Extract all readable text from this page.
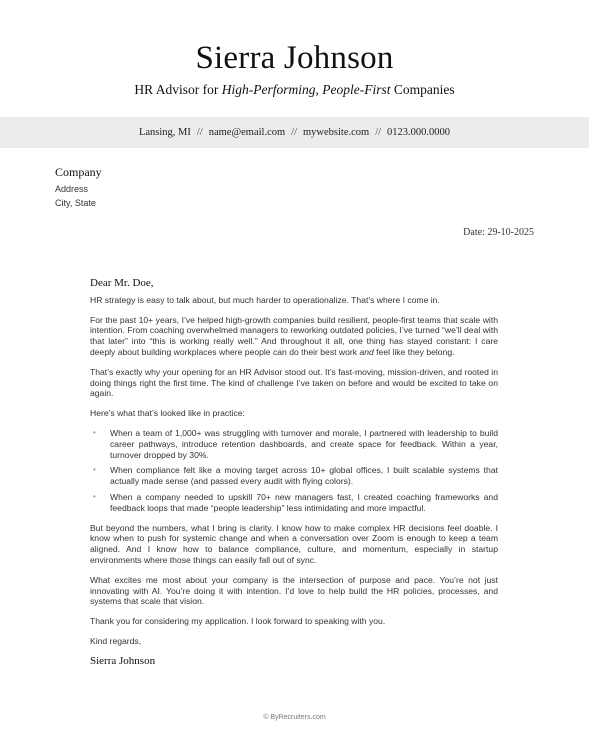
Sierra Johnson
HR Advisor for High-Performing, People-First Companies
Lansing, MI // name@email.com // mywebsite.com // 0123.000.0000
Company
Address
City, State
Date: 29-10-2025
Dear Mr. Doe,

HR strategy is easy to talk about, but much harder to operationalize. That’s where I come in.

For the past 10+ years, I’ve helped high-growth companies build resilient, people-first teams that scale with intention. From coaching overwhelmed managers to reworking outdated policies, I’ve turned “we’ll deal with that later” into “this is working really well.” And throughout it all, one thing has stayed constant: I care deeply about building workplaces where people can do their best work and feel like they belong.

That’s exactly why your opening for an HR Advisor stood out. It’s fast-moving, mission-driven, and rooted in doing things right the first time. The kind of challenge I’ve taken on before and would be excited to take on again.

Here’s what that’s looked like in practice:

• When a team of 1,000+ was struggling with turnover and morale, I partnered with leadership to build career pathways, introduce retention dashboards, and create space for feedback. Within a year, turnover dropped by 30%.
• When compliance felt like a moving target across 10+ global offices, I built scalable systems that actually made sense (and passed every audit with flying colors).
• When a company needed to upskill 70+ new managers fast, I created coaching frameworks and feedback loops that made “people leadership” less intimidating and more impactful.

But beyond the numbers, what I bring is clarity. I know how to make complex HR decisions feel doable. I know when to push for systemic change and when a conversation over Zoom is enough to keep a team aligned. And I know how to balance compliance, culture, and momentum, especially in startup environments where those things can easily fall out of sync.

What excites me most about your company is the intersection of purpose and pace. You’re not just innovating with AI. You’re doing it with intention. I’d love to help build the HR policies, processes, and systems that scale that vision.

Thank you for considering my application. I look forward to speaking with you.

Kind regards,

Sierra Johnson
© ByRecruiters.com
